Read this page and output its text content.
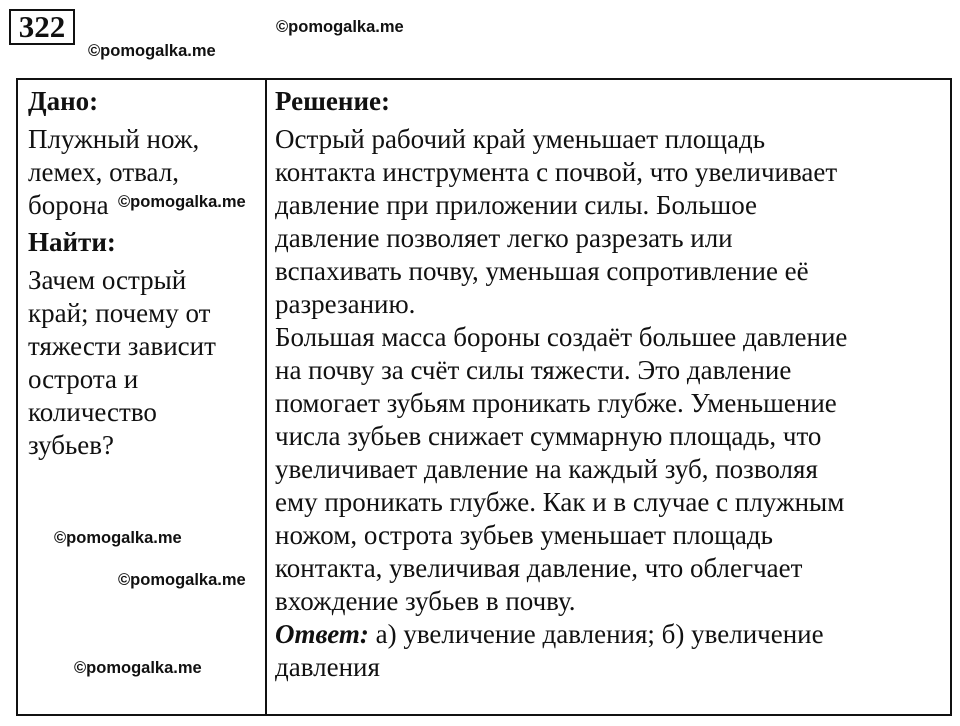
322	©pomogalka.me
©pomogalka.me
Дано:
Плужный нож,
лемех, отвал,
борона
Найти:
Зачем острый
край; почему от
тяжести зависит
острота и
количество
зубьев?
Решение:
Острый рабочий край уменьшает площадь
контакта инструмента с почвой, что увеличивает
давление при приложении силы. Большое
давление позволяет легко разрезать или
вспахивать почву, уменьшая сопротивление её
разрезанию.
Большая масса бороны создаёт большее давление
на почву за счёт силы тяжести. Это давление
помогает зубьям проникать глубже. Уменьшение
числа зубьев снижает суммарную площадь, что
увеличивает давление на каждый зуб, позволяя
ему проникать глубже. Как и в случае с плужным
ножом, острота зубьев уменьшает площадь
контакта, увеличивая давление, что облегчает
вхождение зубьев в почву.
Ответ: а) увеличение давления; б) увеличение
давления
©pomogalka.me
©pomogalka.me
©pomogalka.me
©pomogalka.me
